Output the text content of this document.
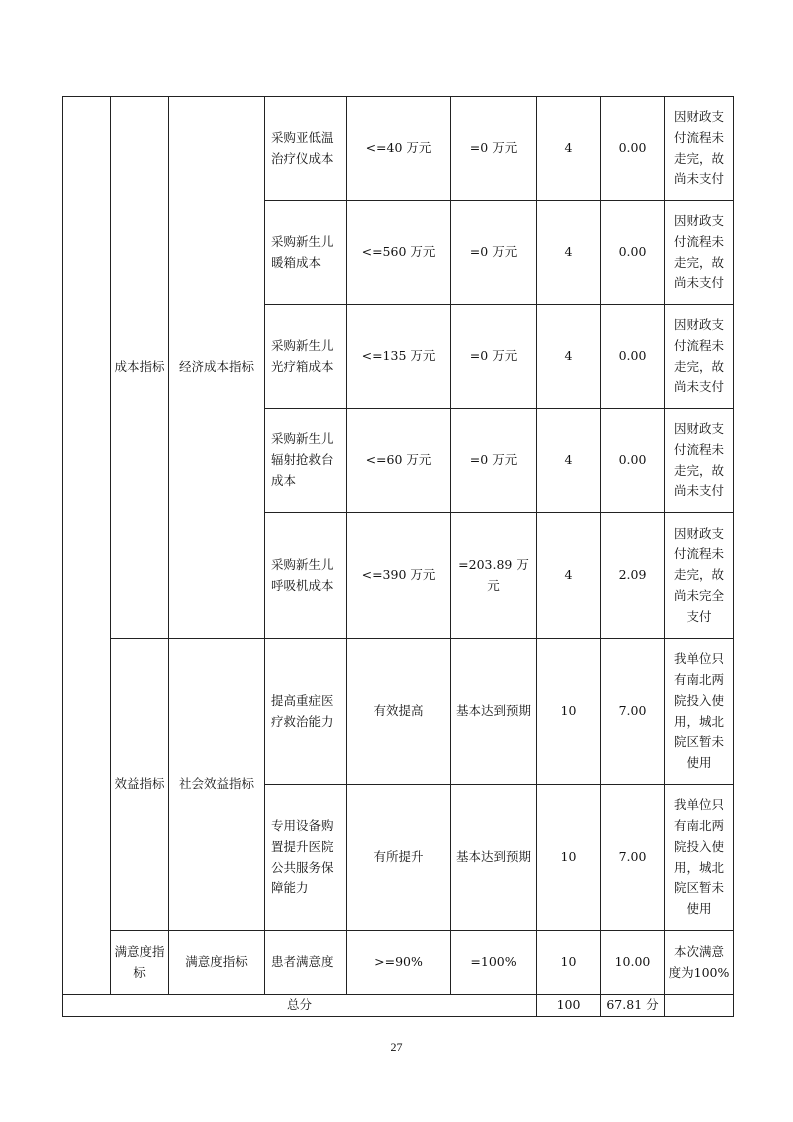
	成本指标	经济成本指标	采购亚低温治疗仪成本	<=40 万元	=0 万元	4	0.00	因财政支付流程未走完，故尚未支付
			采购新生儿暖箱成本	<=560 万元	=0 万元	4	0.00	因财政支付流程未走完，故尚未支付
			采购新生儿光疗箱成本	<=135 万元	=0 万元	4	0.00	因财政支付流程未走完，故尚未支付
			采购新生儿辐射抢救台成本	<=60 万元	=0 万元	4	0.00	因财政支付流程未走完，故尚未支付
			采购新生儿呼吸机成本	<=390 万元	=203.89 万元	4	2.09	因财政支付流程未走完，故尚未完全支付
	效益指标	社会效益指标	提高重症医疗救治能力	有效提高	基本达到预期	10	7.00	我单位只有南北两院投入使用，城北院区暂未使用
			专用设备购置提升医院公共服务保障能力	有所提升	基本达到预期	10	7.00	我单位只有南北两院投入使用，城北院区暂未使用
	满意度指标	满意度指标	患者满意度	>=90%	=100%	10	10.00	本次满意度为100%
总分						100	67.81 分	
27
